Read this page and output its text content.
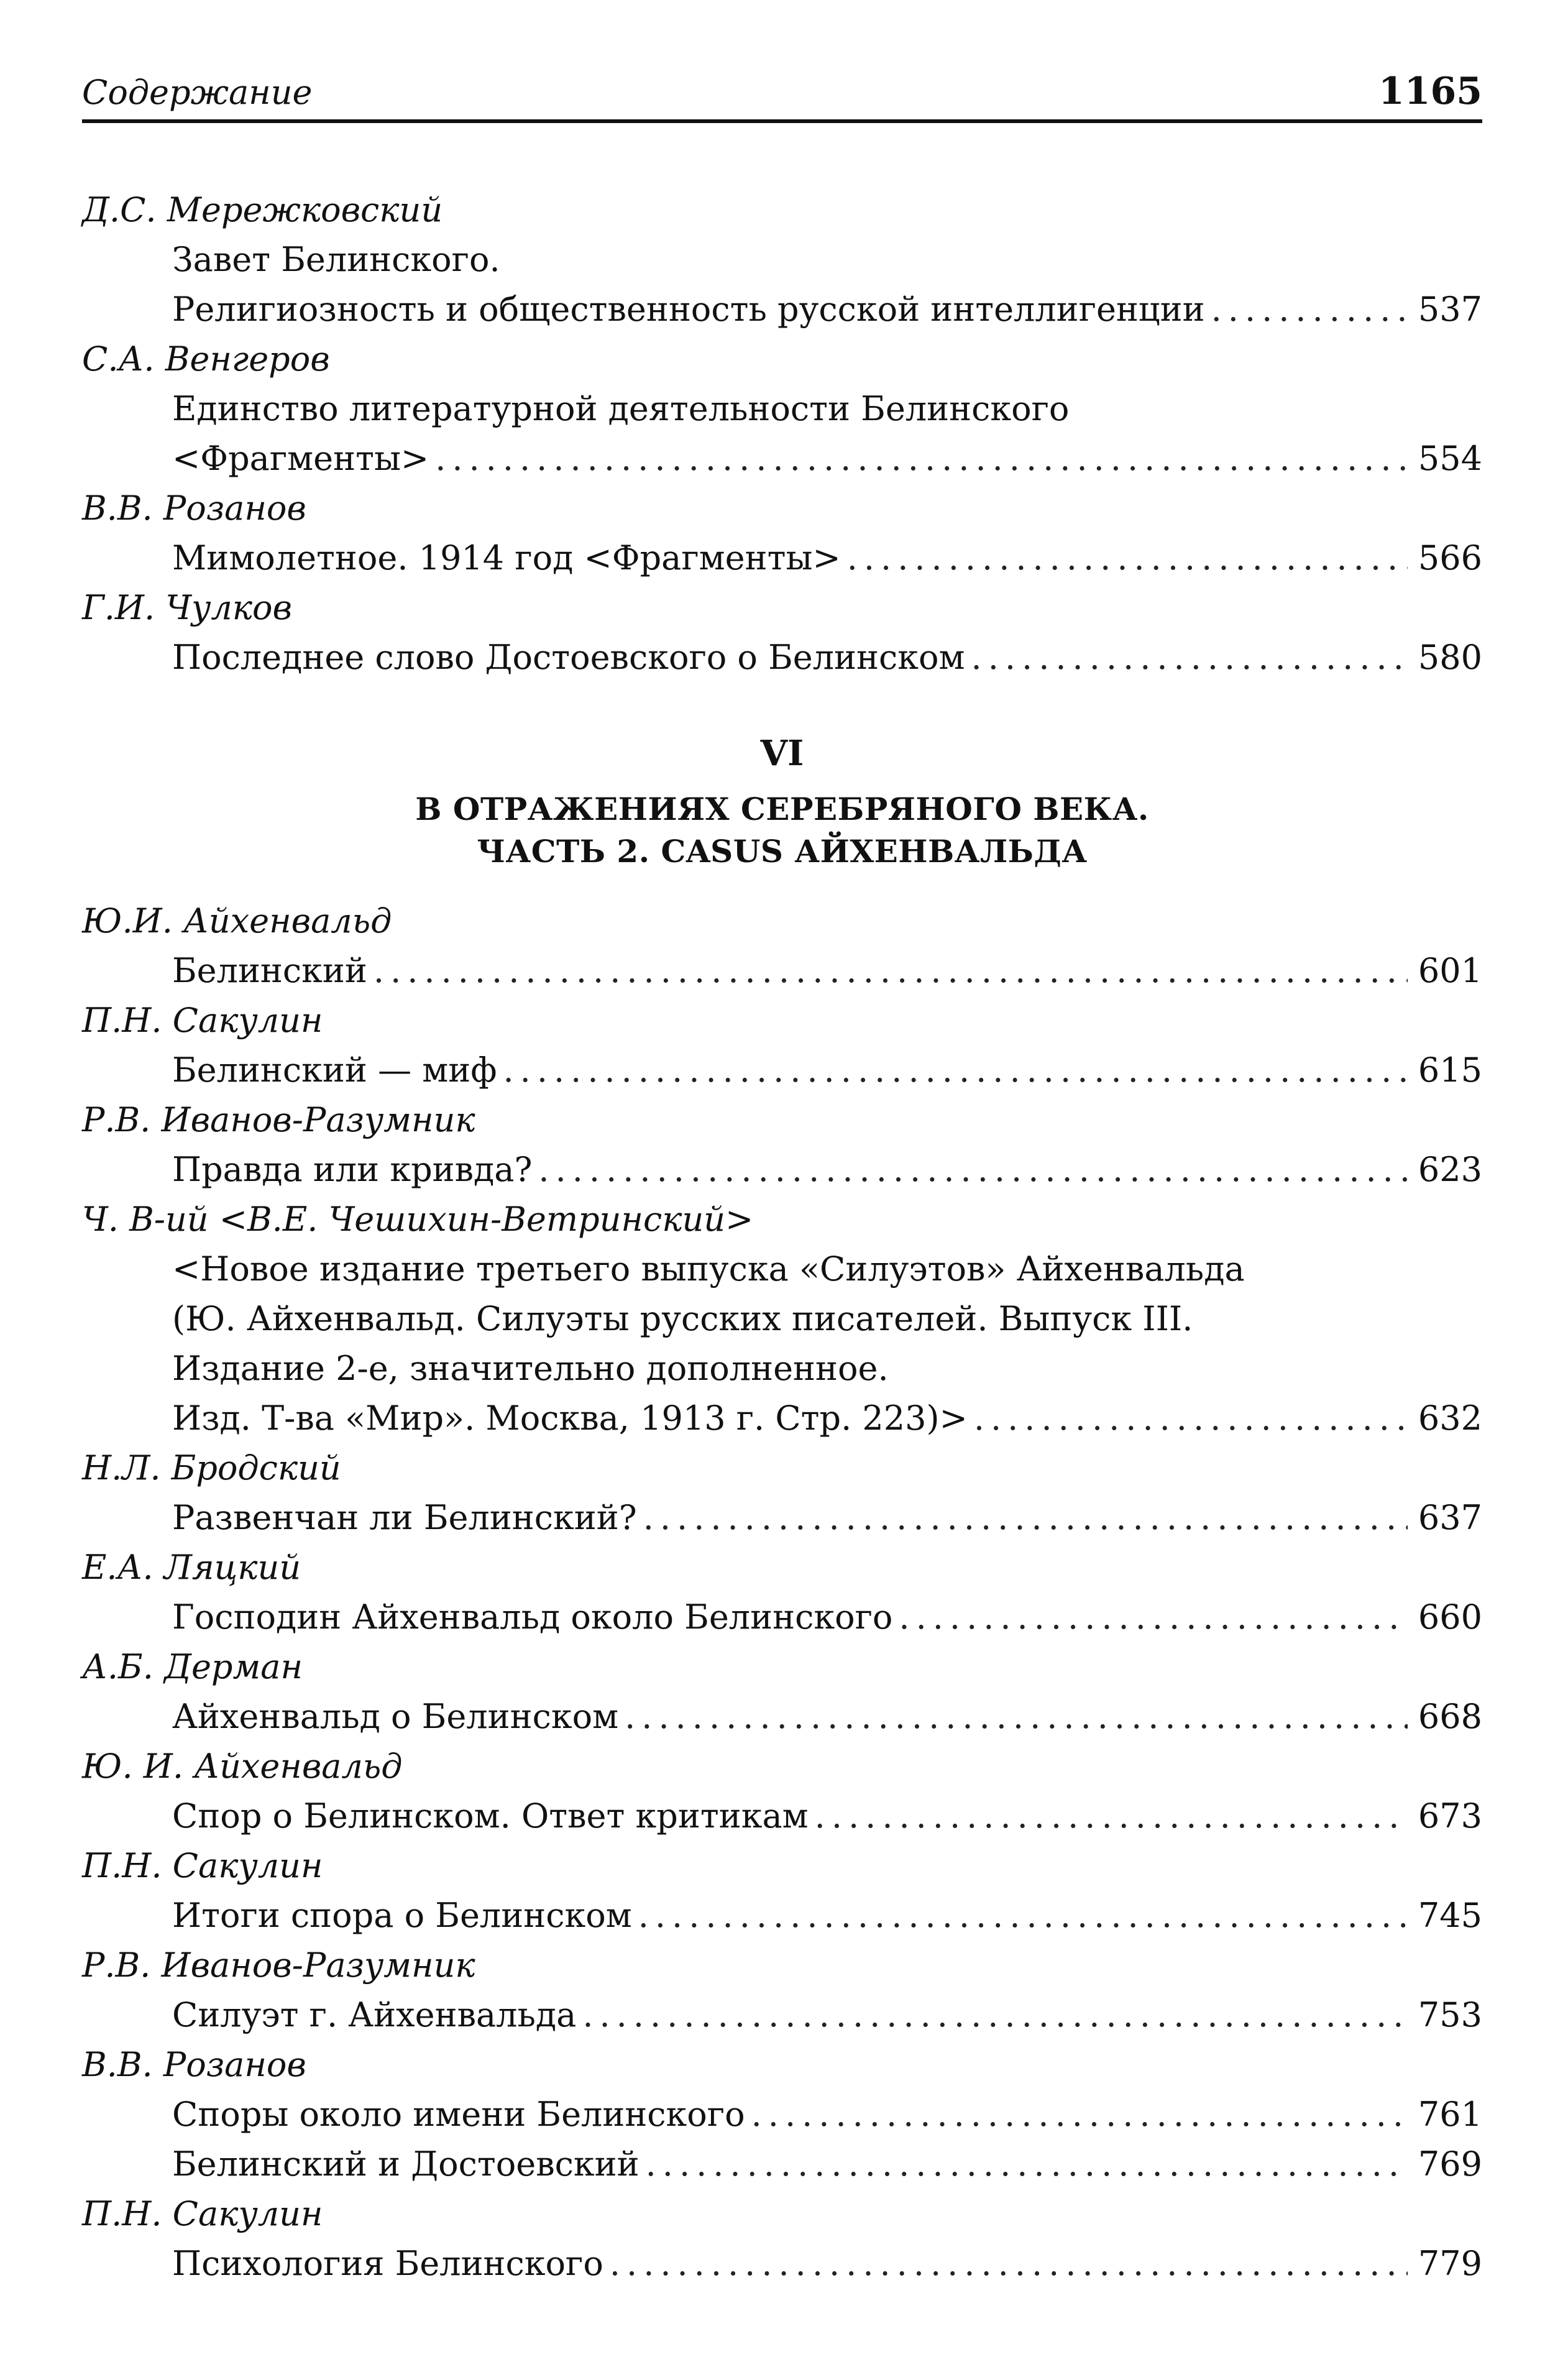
Содержание	1165
Д.С. Мережковский
Завет Белинского.
Религиозность и общественность русской интеллигенции .....	537
С.А. Венгеров
Единство литературной деятельности Белинского
<Фрагменты> .....	554
В.В. Розанов
Мимолетное. 1914 год <Фрагменты> .....	566
Г.И. Чулков
Последнее слово Достоевского о Белинском .....	580
VI
В ОТРАЖЕНИЯХ СЕРЕБРЯНОГО ВЕКА.
ЧАСТЬ 2. CASUS АЙХЕНВАЛЬДА
Ю.И. Айхенвальд
Белинский .....	601
П.Н. Сакулин
Белинский — миф .....	615
Р.В. Иванов-Разумник
Правда или кривда? .....	623
Ч. В-ий <В.Е. Чешихин-Ветринский>
<Новое издание третьего выпуска «Силуэтов» Айхенвальда
(Ю. Айхенвальд. Силуэты русских писателей. Выпуск III.
Издание 2-е, значительно дополненное.
Изд. Т-ва «Мир». Москва, 1913 г. Стр. 223)> .....	632
Н.Л. Бродский
Развенчан ли Белинский? .....	637
Е.А. Ляцкий
Господин Айхенвальд около Белинского .....	660
А.Б. Дерман
Айхенвальд о Белинском .....	668
Ю. И. Айхенвальд
Спор о Белинском. Ответ критикам .....	673
П.Н. Сакулин
Итоги спора о Белинском .....	745
Р.В. Иванов-Разумник
Силуэт г. Айхенвальда .....	753
В.В. Розанов
Споры около имени Белинского .....	761
Белинский и Достоевский .....	769
П.Н. Сакулин
Психология Белинского .....	779
